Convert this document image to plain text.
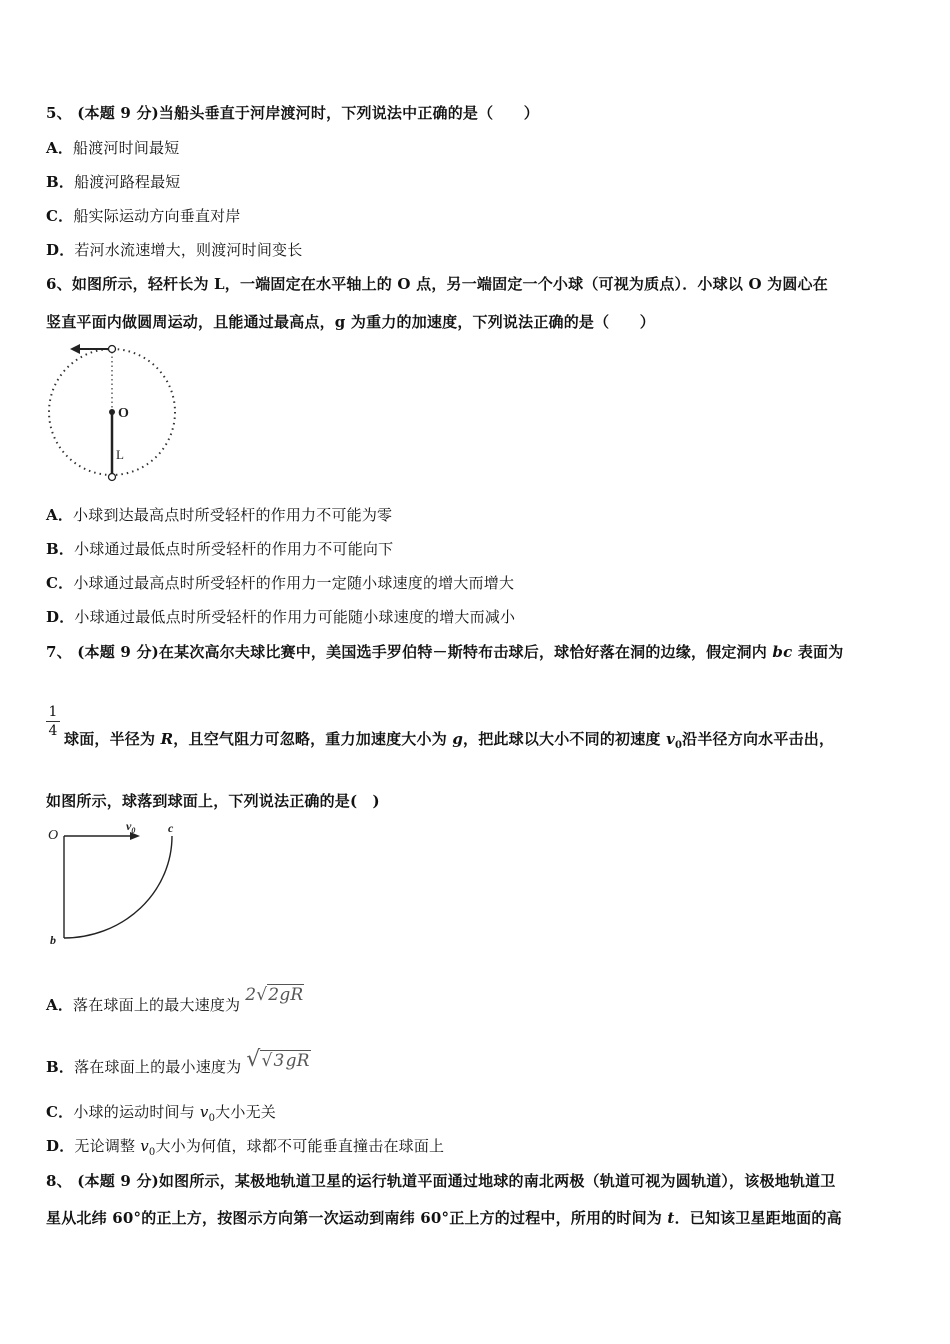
5、 (本题 9 分)当船头垂直于河岸渡河时，下列说法中正确的是（　　）
A．船渡河时间最短
B．船渡河路程最短
C．船实际运动方向垂直对岸
D．若河水流速增大，则渡河时间变长
6、如图所示，轻杆长为 L，一端固定在水平轴上的 O 点，另一端固定一个小球（可视为质点）．小球以 O 为圆心在
竖直平面内做圆周运动，且能通过最高点，g 为重力的加速度，下列说法正确的是（　　）
O
L
A．小球到达最高点时所受轻杆的作用力不可能为零
B．小球通过最低点时所受轻杆的作用力不可能向下
C．小球通过最高点时所受轻杆的作用力一定随小球速度的增大而增大
D．小球通过最低点时所受轻杆的作用力可能随小球速度的增大而减小
7、 (本题 9 分)在某次高尔夫球比赛中，美国选手罗伯特－斯特布击球后，球恰好落在洞的边缘，假定洞内 bc 表面为
$\frac{1}{4}$ 球面，半径为 R，且空气阻力可忽略，重力加速度大小为 g，把此球以大小不同的初速度 $v_0$沿半径方向水平击出，
如图所示，球落到球面上，下列说法正确的是(　)
O
$v_0$	c
b
A．落在球面上的最大速度为 2√2gR
B．落在球面上的最小速度为 √√3gR
C．小球的运动时间与 $v_0$大小无关
D．无论调整 $v_0$大小为何值，球都不可能垂直撞击在球面上
8、 (本题 9 分)如图所示，某极地轨道卫星的运行轨道平面通过地球的南北两极（轨道可视为圆轨道），该极地轨道卫
星从北纬 60°的正上方，按图示方向第一次运动到南纬 60°正上方的过程中，所用的时间为 t．已知该卫星距地面的高
